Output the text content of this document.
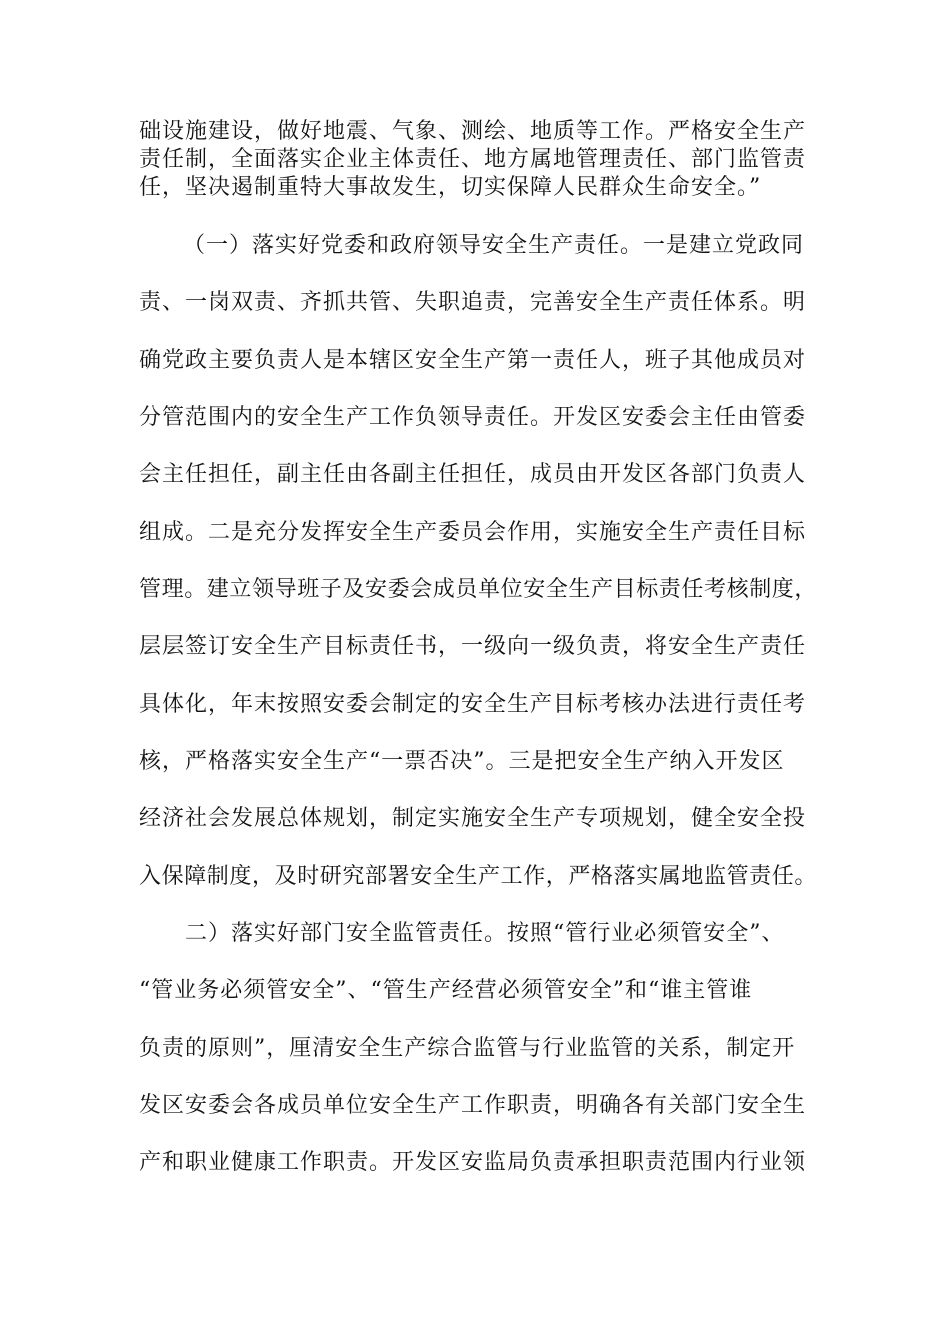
础设施建设，做好地震、气象、测绘、地质等工作。严格安全生产
责任制，全面落实企业主体责任、地方属地管理责任、部门监管责
任，坚决遏制重特大事故发生，切实保障人民群众生命安全。”
（一）落实好党委和政府领导安全生产责任。一是建立党政同
责、一岗双责、齐抓共管、失职追责，完善安全生产责任体系。明
确党政主要负责人是本辖区安全生产第一责任人，班子其他成员对
分管范围内的安全生产工作负领导责任。开发区安委会主任由管委
会主任担任，副主任由各副主任担任，成员由开发区各部门负责人
组成。二是充分发挥安全生产委员会作用，实施安全生产责任目标
管理。建立领导班子及安委会成员单位安全生产目标责任考核制度，
层层签订安全生产目标责任书，一级向一级负责，将安全生产责任
具体化，年末按照安委会制定的安全生产目标考核办法进行责任考
核，严格落实安全生产“一票否决”。三是把安全生产纳入开发区
经济社会发展总体规划，制定实施安全生产专项规划，健全安全投
入保障制度，及时研究部署安全生产工作，严格落实属地监管责任。
二）落实好部门安全监管责任。按照“管行业必须管安全”、
“管业务必须管安全”、“管生产经营必须管安全”和“谁主管谁
负责的原则”，厘清安全生产综合监管与行业监管的关系，制定开
发区安委会各成员单位安全生产工作职责，明确各有关部门安全生
产和职业健康工作职责。开发区安监局负责承担职责范围内行业领
